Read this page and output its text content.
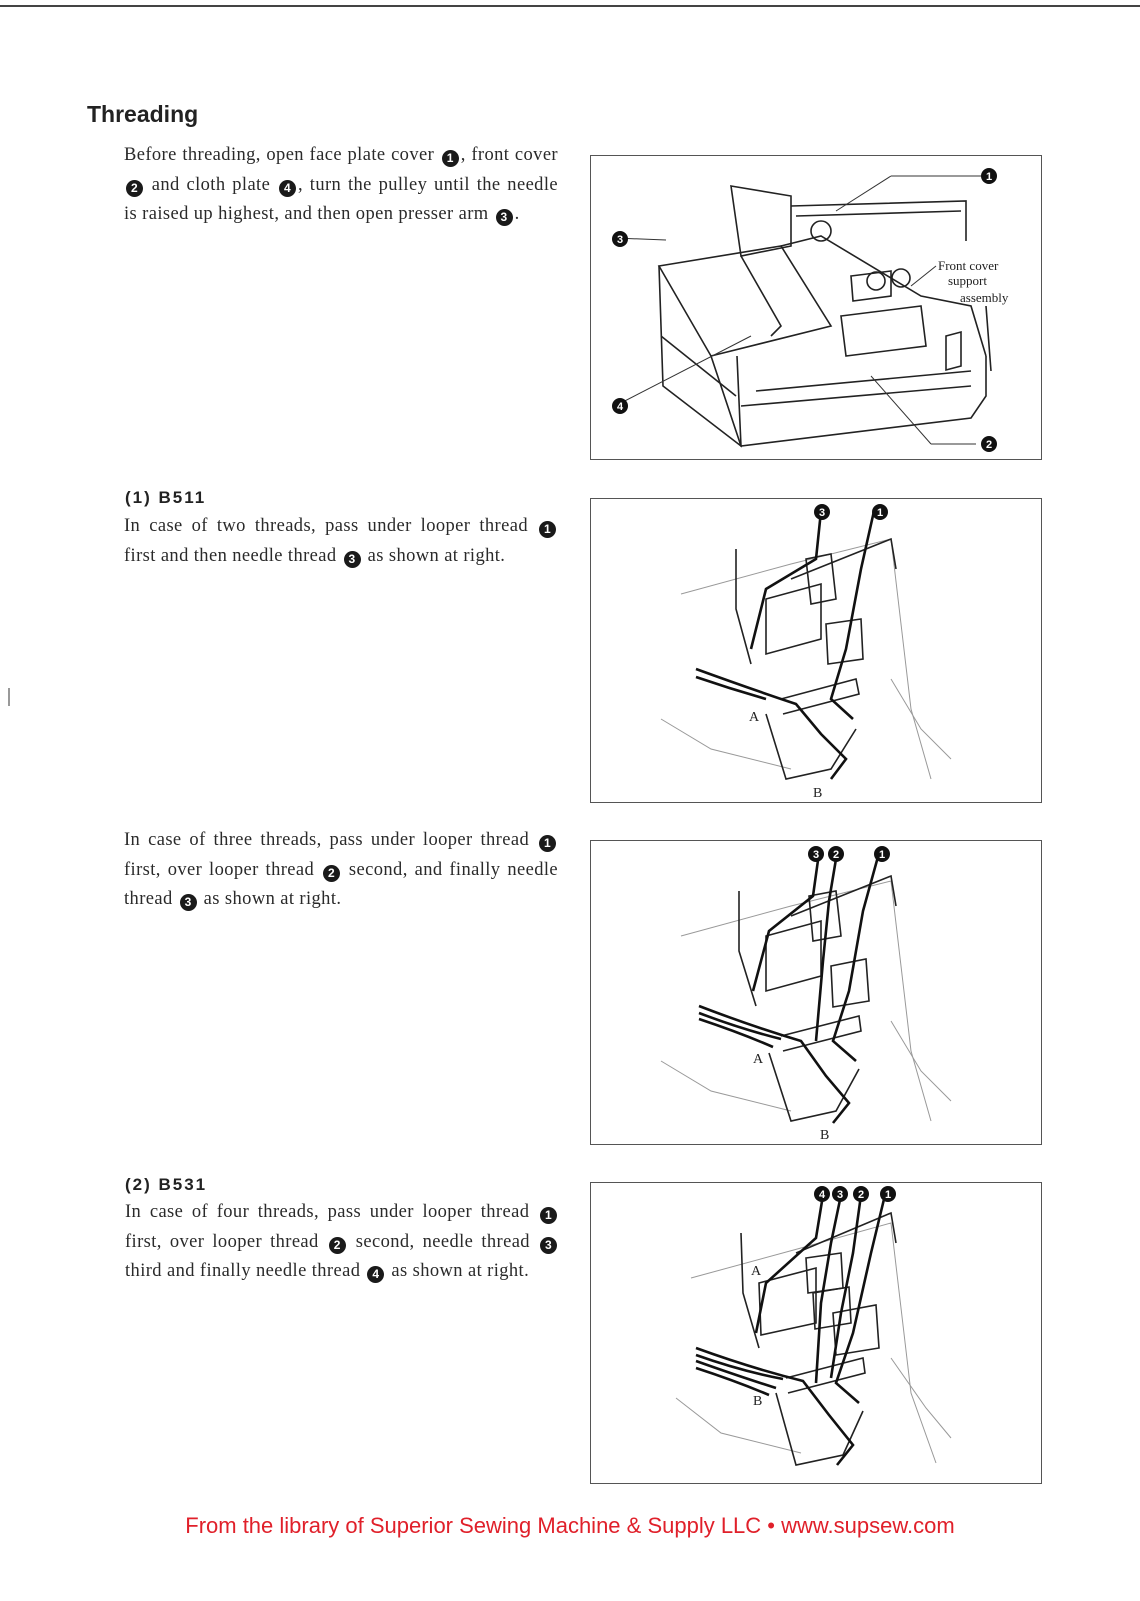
Threading
Before threading, open face plate cover 1 , front cover 2 and cloth plate 4 , turn the pulley until the needle is raised up highest, and then open presser arm 3 .
(1) B511
In case of two threads, pass under looper thread 1 first and then needle thread 3 as shown at right.
In case of three threads, pass under looper thread 1 first, over looper thread 2 second, and finally needle thread 3 as shown at right.
(2) B531
In case of four threads, pass under looper thread 1 first, over looper thread 2 second, needle thread 3 third and finally needle thread 4 as shown at right.
1
3
4
2
Front cover
support
assembly
3	1
A
B
3 2	1
A
B
4 3 2 1
A
B
From the library of Superior Sewing Machine & Supply LLC • www.supsew.com
